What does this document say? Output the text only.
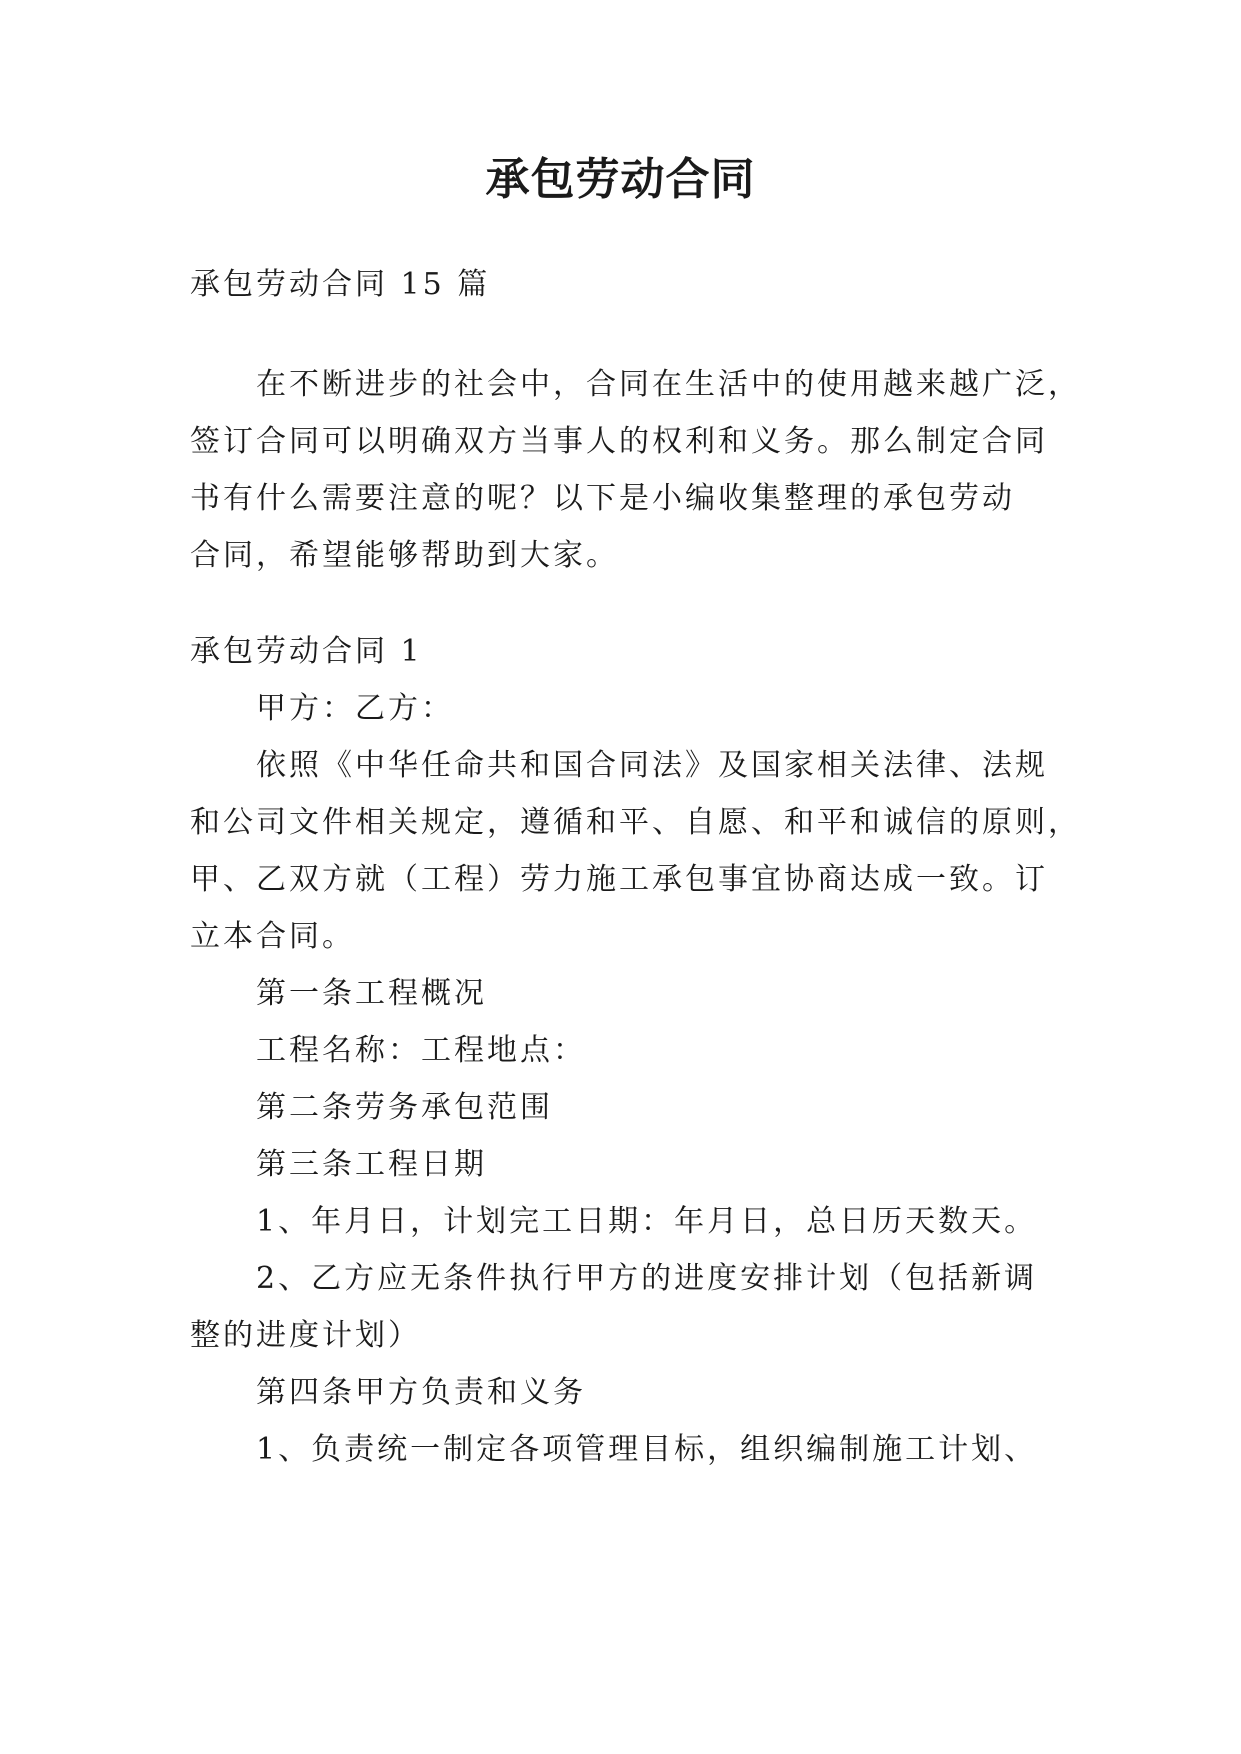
承包劳动合同
承包劳动合同 15 篇
在不断进步的社会中，合同在生活中的使用越来越广泛，
签订合同可以明确双方当事人的权利和义务。那么制定合同
书有什么需要注意的呢？以下是小编收集整理的承包劳动
合同，希望能够帮助到大家。
承包劳动合同 1
甲方：乙方：
依照《中华任命共和国合同法》及国家相关法律、法规
和公司文件相关规定，遵循和平、自愿、和平和诚信的原则，
甲、乙双方就（工程）劳力施工承包事宜协商达成一致。订
立本合同。
第一条工程概况
工程名称：工程地点：
第二条劳务承包范围
第三条工程日期
1、年月日，计划完工日期：年月日，总日历天数天。
2、乙方应无条件执行甲方的进度安排计划（包括新调
整的进度计划）
第四条甲方负责和义务
1、负责统一制定各项管理目标，组织编制施工计划、
